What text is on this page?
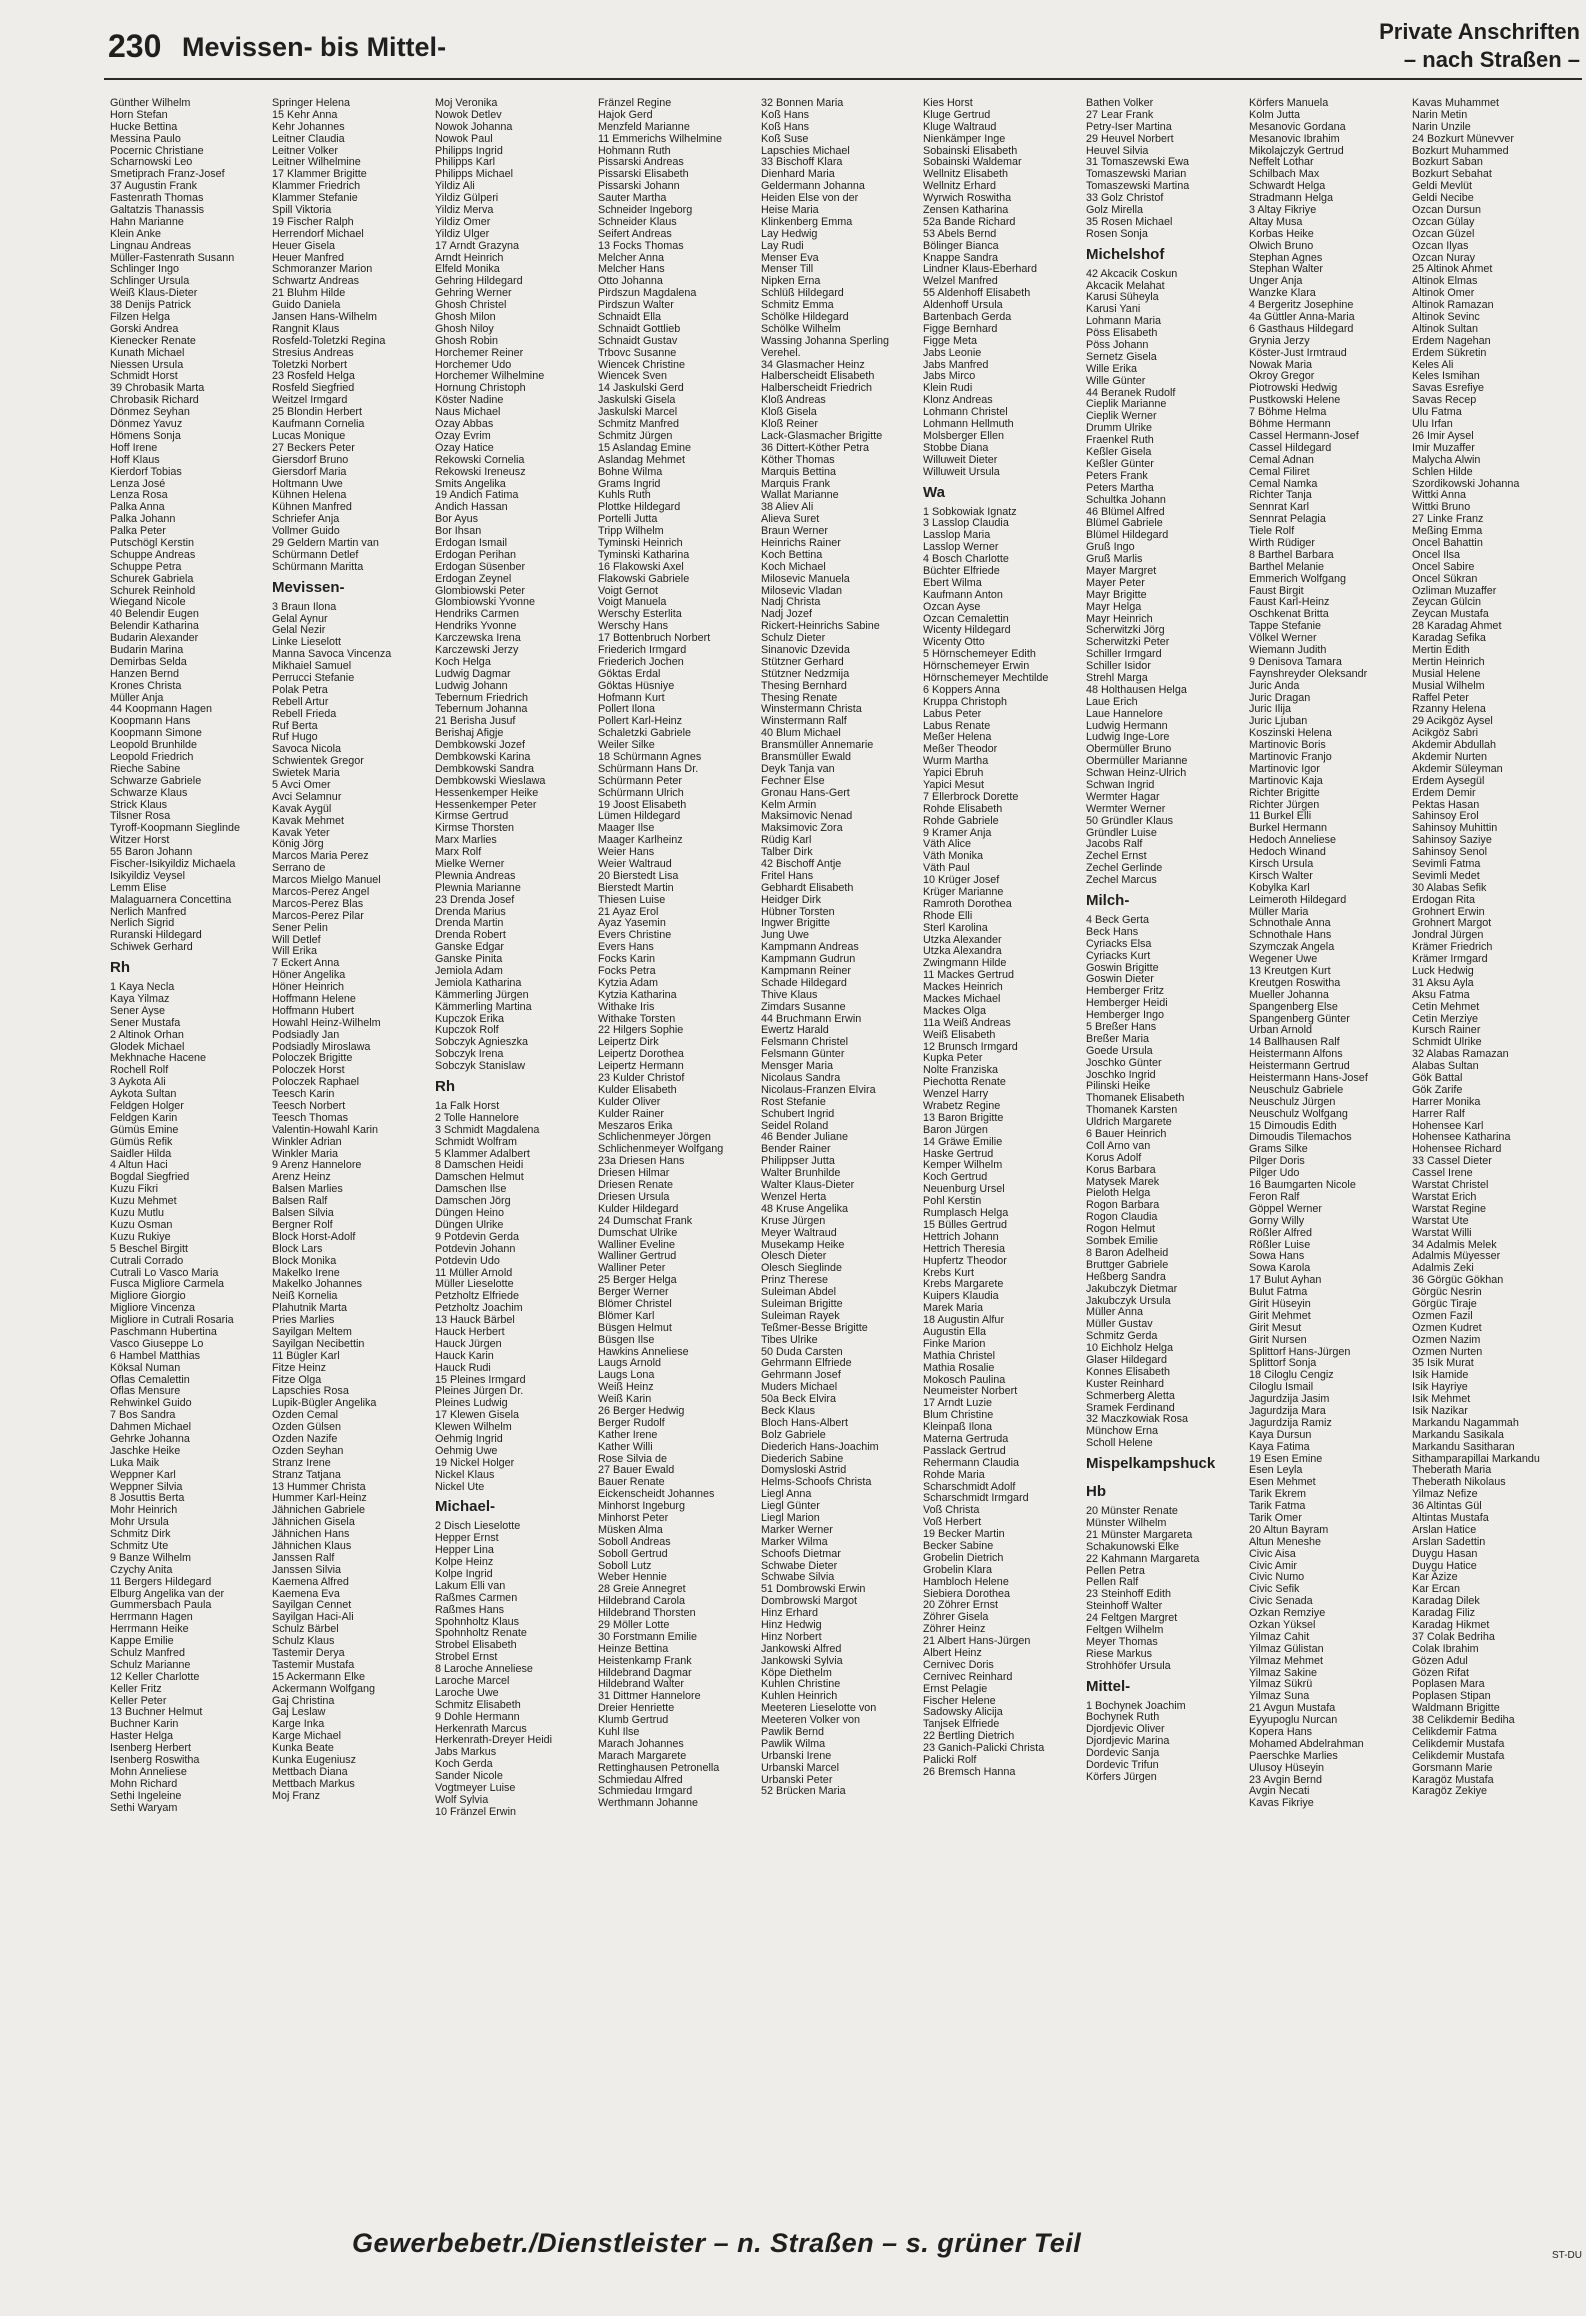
230 Mevissen- bis Mittel-
Private Anschriften
– nach Straßen –
Günther Wilhelm
Horn Stefan
Hucke Bettina
Messina Paulo
Pocernic Christiane
Scharnowski Leo
Smetiprach Franz-Josef
37 Augustin Frank
Fastenrath Thomas
Galtatzis Thanassis
Hahn Marianne
Klein Anke
Lingnau Andreas
Müller-Fastenrath Susann
Schlinger Ingo
Schlinger Ursula
Weiß Klaus-Dieter
38 Denijs Patrick
Filzen Helga
Gorski Andrea
Kienecker Renate
Kunath Michael
Niessen Ursula
Schmidt Horst
39 Chrobasik Marta
Chrobasik Richard
Dönmez Seyhan
Dönmez Yavuz
Hömens Sonja
Hoff Irene
Hoff Klaus
Kierdorf Tobias
Lenza José
Lenza Rosa
Palka Anna
Palka Johann
Palka Peter
Putschögl Kerstin
Schuppe Andreas
Schuppe Petra
Schurek Gabriela
Schurek Reinhold
Wiegand Nicole
40 Belendir Eugen
Belendir Katharina
Budarin Alexander
Budarin Marina
Demirbas Selda
Hanzen Bernd
Krones Christa
Müller Anja
44 Koopmann Hagen
Koopmann Hans
Koopmann Simone
Leopold Brunhilde
Leopold Friedrich
Rieche Sabine
Schwarze Gabriele
Schwarze Klaus
Strick Klaus
Tilsner Rosa
Tyroff-Koopmann Sieglinde
Witzer Horst
55 Baron Johann
Fischer-Isikyildiz Michaela
Isikyildiz Veysel
Lemm Elise
Malaguarnera Concettina
Nerlich Manfred
Nerlich Sigrid
Ruranski Hildegard
Schiwek Gerhard
Rh
1 Kaya Necla
Kaya Yilmaz
Sener Ayse
Sener Mustafa
2 Altinok Orhan
Glodek Michael
Mekhnache Hacene
Rochell Rolf
3 Aykota Ali
Aykota Sultan
Feldgen Holger
Feldgen Karin
Gümüs Emine
Gümüs Refik
Saidler Hilda
4 Altun Haci
Bogdal Siegfried
Kuzu Fikri
Kuzu Mehmet
Kuzu Mutlu
Kuzu Osman
Kuzu Rukiye
5 Beschel Birgitt
Cutrali Corrado
Cutrali Lo Vasco Maria
Fusca Migliore Carmela
Migliore Giorgio
Migliore Vincenza
Migliore in Cutrali Rosaria
Paschmann Hubertina
Vasco Giuseppe Lo
6 Hambel Matthias
Köksal Numan
Oflas Cemalettin
Oflas Mensure
Rehwinkel Guido
7 Bos Sandra
Dahmen Michael
Gehrke Johanna
Jaschke Heike
Luka Maik
Weppner Karl
Weppner Silvia
8 Josuttis Berta
Mohr Heinrich
Mohr Ursula
Schmitz Dirk
Schmitz Ute
9 Banze Wilhelm
Czychy Anita
11 Bergers Hildegard
Elburg Angelika van der
Gummersbach Paula
Herrmann Hagen
Herrmann Heike
Kappe Emilie
Schulz Manfred
Schulz Marianne
12 Keller Charlotte
Keller Fritz
Keller Peter
13 Buchner Helmut
Buchner Karin
Haster Helga
Isenberg Herbert
Isenberg Roswitha
Mohn Anneliese
Mohn Richard
Sethi Ingeleine
Sethi Waryam
Springer Helena
15 Kehr Anna
Kehr Johannes
Leitner Claudia
Leitner Volker
Leitner Wilhelmine
17 Klammer Brigitte
Klammer Friedrich
Klammer Stefanie
Spill Viktoria
19 Fischer Ralph
Herrendorf Michael
Heuer Gisela
Heuer Manfred
Schmoranzer Marion
Schwartz Andreas
21 Bluhm Hilde
Guido Daniela
Jansen Hans-Wilhelm
Rangnit Klaus
Rosfeld-Toletzki Regina
Stresius Andreas
Toletzki Norbert
23 Rosfeld Helga
Rosfeld Siegfried
Weitzel Irmgard
25 Blondin Herbert
Kaufmann Cornelia
Lucas Monique
27 Beckers Peter
Giersdorf Bruno
Giersdorf Maria
Holtmann Uwe
Kühnen Helena
Kühnen Manfred
Schriefer Anja
Vollmer Guido
29 Geldern Martin van
Schürmann Detlef
Schürmann Maritta
Mevissen-
3 Braun Ilona
Gelal Aynur
Gelal Nezir
Linke Lieselott
Manna Savoca Vincenza
Mikhaiel Samuel
Perrucci Stefanie
Polak Petra
Rebell Artur
Rebell Frieda
Ruf Berta
Ruf Hugo
Savoca Nicola
Schwientek Gregor
Swietek Maria
5 Avci Ömer
Avci Selamnur
Kavak Aygül
Kavak Mehmet
Kavak Yeter
König Jörg
Marcos Maria Perez
Serrano de
Marcos Mielgo Manuel
Marcos-Perez Angel
Marcos-Perez Blas
Marcos-Perez Pilar
Sener Pelin
Will Detlef
Will Erika
7 Eckert Anna
Höner Angelika
Höner Heinrich
Hoffmann Helene
Hoffmann Hubert
Howahl Heinz-Wilhelm
Podsiadly Jan
Podsiadly Miroslawa
Poloczek Brigitte
Poloczek Horst
Poloczek Raphael
Teesch Karin
Teesch Norbert
Teesch Thomas
Valentin-Howahl Karin
Winkler Adrian
Winkler Maria
9 Arenz Hannelore
Arenz Heinz
Balsen Marlies
Balsen Ralf
Balsen Silvia
Bergner Rolf
Block Horst-Adolf
Block Lars
Block Monika
Makelko Irene
Makelko Johannes
Neiß Kornelia
Plahutnik Marta
Pries Marlies
Sayilgan Meltem
Sayilgan Necibettin
11 Bügler Karl
Fitze Heinz
Fitze Olga
Lapschies Rosa
Lupik-Bügler Angelika
Özden Cemal
Özden Gülsen
Özden Nazife
Özden Seyhan
Stranz Irene
Stranz Tatjana
13 Hummer Christa
Hummer Karl-Heinz
Jähnichen Gabriele
Jähnichen Gisela
Jähnichen Hans
Jähnichen Klaus
Janssen Ralf
Janssen Silvia
Kaemena Alfred
Kaemena Eva
Sayilgan Cennet
Sayilgan Haci-Ali
Schulz Bärbel
Schulz Klaus
Tastemir Derya
Tastemir Mustafa
15 Ackermann Elke
Ackermann Wolfgang
Gaj Christina
Gaj Leslaw
Karge Inka
Karge Michael
Kunka Beate
Kunka Eugeniusz
Mettbach Diana
Mettbach Markus
Moj Franz
Moj Veronika
Nowok Detlev
Nowok Johanna
Nowok Paul
Philipps Ingrid
Philipps Karl
Philipps Michael
Yildiz Ali
Yildiz Gülperi
Yildiz Merva
Yildiz Ömer
Yildiz Ülger
17 Arndt Grazyna
Arndt Heinrich
Elfeld Monika
Gehring Hildegard
Gehring Werner
Ghosh Christel
Ghosh Milon
Ghosh Niloy
Ghosh Robin
Horchemer Reiner
Horchemer Udo
Horchemer Wilhelmine
Hornung Christoph
Köster Nadine
Naus Michael
Özay Abbas
Özay Evrim
Özay Hatice
Rekowski Cornelia
Rekowski Ireneusz
Smits Angelika
19 Andich Fatima
Andich Hassan
Bor Ayus
Bor Ihsan
Erdogan Ismail
Erdogan Perihan
Erdogan Süsenber
Erdogan Zeynel
Glombiowski Peter
Glombiowski Yvonne
Hendriks Carmen
Hendriks Yvonne
Karczewska Irena
Karczewski Jerzy
Koch Helga
Ludwig Dagmar
Ludwig Johann
Tebernum Friedrich
Tebernum Johanna
21 Berisha Jusuf
Berishaj Afigje
Dembkowski Jozef
Dembkowski Karina
Dembkowski Sandra
Dembkowski Wieslawa
Hessenkemper Heike
Hessenkemper Peter
Kirmse Gertrud
Kirmse Thorsten
Marx Marlies
Marx Rolf
Mielke Werner
Plewnia Andreas
Plewnia Marianne
23 Drenda Josef
Drenda Marius
Drenda Martin
Drenda Robert
Ganske Edgar
Ganske Pinita
Jemiola Adam
Jemiola Katharina
Kämmerling Jürgen
Kämmerling Martina
Kupczok Erika
Kupczok Rolf
Sobczyk Agnieszka
Sobczyk Irena
Sobczyk Stanislaw
Rh
1a Falk Horst
2 Tolle Hannelore
3 Schmidt Magdalena
Schmidt Wolfram
5 Klammer Adalbert
8 Damschen Heidi
Damschen Helmut
Damschen Ilse
Damschen Jörg
Düngen Heino
Düngen Ulrike
9 Potdevin Gerda
Potdevin Johann
Potdevin Udo
11 Müller Arnold
Müller Lieselotte
Petzholtz Elfriede
Petzholtz Joachim
13 Hauck Bärbel
Hauck Herbert
Hauck Jürgen
Hauck Karin
Hauck Rudi
15 Pleines Irmgard
Pleines Jürgen Dr.
Pleines Ludwig
17 Klewen Gisela
Klewen Wilhelm
Oehmig Ingrid
Oehmig Uwe
19 Nickel Holger
Nickel Klaus
Nickel Ute
Michael-
2 Disch Lieselotte
Hepper Ernst
Hepper Lina
Kolpe Heinz
Kolpe Ingrid
Lakum Elli van
Raßmes Carmen
Raßmes Hans
Spohnholtz Klaus
Spohnholtz Renate
Strobel Elisabeth
Strobel Ernst
8 Laroche Anneliese
Laroche Marcel
Laroche Uwe
Schmitz Elisabeth
9 Dohle Hermann
Herkenrath Marcus
Herkenrath-Dreyer Heidi
Jabs Markus
Koch Gerda
Sander Nicole
Vogtmeyer Luise
Wolf Sylvia
10 Fränzel Erwin
Fränzel Regine
Hajok Gerd
Menzfeld Marianne
11 Emmerichs Wilhelmine
Hohmann Ruth
Pissarski Andreas
Pissarski Elisabeth
Pissarski Johann
Sauter Martha
Schneider Ingeborg
Schneider Klaus
Seifert Andreas
13 Focks Thomas
Melcher Anna
Melcher Hans
Otto Johanna
Pirdszun Magdalena
Pirdszun Walter
Schnaidt Ella
Schnaidt Gottlieb
Schnaidt Gustav
Trbovc Susanne
Wiencek Christine
Wiencek Sven
14 Jaskulski Gerd
Jaskulski Gisela
Jaskulski Marcel
Schmitz Manfred
Schmitz Jürgen
15 Aslandag Emine
Aslandag Mehmet
Bohne Wilma
Grams Ingrid
Kuhls Ruth
Plottke Hildegard
Portelli Jutta
Tripp Wilhelm
Tyminski Heinrich
Tyminski Katharina
16 Flakowski Axel
Flakowski Gabriele
Voigt Gernot
Voigt Manuela
Werschy Esterlita
Werschy Hans
17 Bottenbruch Norbert
Friederich Irmgard
Friederich Jochen
Göktas Erdal
Göktas Hüsniye
Hofmann Kurt
Pollert Ilona
Pollert Karl-Heinz
Schaletzki Gabriele
Weiler Silke
18 Schürmann Agnes
Schürmann Hans Dr.
Schürmann Peter
Schürmann Ulrich
19 Joost Elisabeth
Lümen Hildegard
Maager Ilse
Maager Karlheinz
Weier Hans
Weier Waltraud
20 Bierstedt Lisa
Bierstedt Martin
Thiesen Luise
21 Ayaz Erol
Ayaz Yasemin
Evers Christine
Evers Hans
Focks Karin
Focks Petra
Kytzia Adam
Kytzia Katharina
Withake Iris
Withake Torsten
22 Hilgers Sophie
Leipertz Dirk
Leipertz Dorothea
Leipertz Hermann
23 Kulder Christof
Kulder Elisabeth
Kulder Oliver
Kulder Rainer
Meszaros Erika
Schlichenmeyer Jörgen
Schlichenmeyer Wolfgang
23a Driesen Hans
Driesen Hilmar
Driesen Renate
Driesen Ursula
Kulder Hildegard
24 Dumschat Frank
Dumschat Ulrike
Walliner Eveline
Walliner Gertrud
Walliner Peter
25 Berger Helga
Berger Werner
Blömer Christel
Blömer Karl
Büsgen Helmut
Büsgen Ilse
Hawkins Anneliese
Laugs Arnold
Laugs Lona
Weiß Heinz
Weiß Karin
26 Berger Hedwig
Berger Rudolf
Kather Irene
Kather Willi
Rose Silvia de
27 Bauer Ewald
Bauer Renate
Eickenscheidt Johannes
Minhorst Ingeburg
Minhorst Peter
Müsken Alma
Soboll Andreas
Soboll Gertrud
Soboll Lutz
Weber Hennie
28 Greie Annegret
Hildebrand Carola
Hildebrand Thorsten
29 Möller Lotte
30 Forstmann Emilie
Heinze Bettina
Heistenkamp Frank
Hildebrand Dagmar
Hildebrand Walter
31 Dittmer Hannelore
Dreier Henriette
Klumb Gertrud
Kuhl Ilse
Marach Johannes
Marach Margarete
Rettinghausen Petronella
Schmiedau Alfred
Schmiedau Irmgard
Werthmann Johanne
32 Bonnen Maria
Koß Hans
Koß Hans
Koß Suse
Lapschies Michael
33 Bischoff Klara
Dienhard Maria
Geldermann Johanna
Heiden Else von der
Heise Maria
Klinkenberg Emma
Lay Hedwig
Lay Rudi
Menser Eva
Menser Till
Nipken Erna
Schlüß Hildegard
Schmitz Emma
Schölke Hildegard
Schölke Wilhelm
Wassing Johanna Sperling
Verehel.
34 Glasmacher Heinz
Halberscheidt Elisabeth
Halberscheidt Friedrich
Kloß Andreas
Kloß Gisela
Kloß Reiner
Lack-Glasmacher Brigitte
36 Dittert-Köther Petra
Köther Thomas
Marquis Bettina
Marquis Frank
Wallat Marianne
38 Aliev Ali
Alieva Suret
Braun Werner
Heinrichs Rainer
Koch Bettina
Koch Michael
Milosevic Manuela
Milosevic Vladan
Nadj Christa
Nadj Jozef
Rickert-Heinrichs Sabine
Schulz Dieter
Sinanovic Dzevida
Stützner Gerhard
Stützner Nedzmija
Thesing Bernhard
Thesing Renate
Winstermann Christa
Winstermann Ralf
40 Blum Michael
Bransmüller Annemarie
Bransmüller Ewald
Deyk Tanja van
Fechner Else
Gronau Hans-Gert
Kelm Armin
Maksimovic Nenad
Maksimovic Zora
Rüdig Karl
Talber Dirk
42 Bischoff Antje
Fritel Hans
Gebhardt Elisabeth
Heidger Dirk
Hübner Torsten
Ingwer Brigitte
Jung Uwe
Kampmann Andreas
Kampmann Gudrun
Kampmann Reiner
Schade Hildegard
Thive Klaus
Zimdars Susanne
44 Bruchmann Erwin
Ewertz Harald
Felsmann Christel
Felsmann Günter
Mensger Maria
Nicolaus Sandra
Nicolaus-Franzen Elvira
Rost Stefanie
Schubert Ingrid
Seidel Roland
46 Bender Juliane
Bender Rainer
Philippser Jutta
Walter Brunhilde
Walter Klaus-Dieter
Wenzel Herta
48 Kruse Angelika
Kruse Jürgen
Meyer Waltraud
Musekamp Heike
Olesch Dieter
Olesch Sieglinde
Prinz Therese
Suleiman Abdel
Suleiman Brigitte
Suleiman Rayek
Teßmer-Besse Brigitte
Tibes Ulrike
50 Duda Carsten
Gehrmann Elfriede
Gehrmann Josef
Muders Michael
50a Beck Elvira
Beck Klaus
Bloch Hans-Albert
Bolz Gabriele
Diederich Hans-Joachim
Diederich Sabine
Domysloski Astrid
Helms-Schoofs Christa
Liegl Anna
Liegl Günter
Liegl Marion
Marker Werner
Marker Wilma
Schoofs Dietmar
Schwabe Dieter
Schwabe Silvia
51 Dombrowski Erwin
Dombrowski Margot
Hinz Erhard
Hinz Hedwig
Hinz Norbert
Jankowski Alfred
Jankowski Sylvia
Köpe Diethelm
Kuhlen Christine
Kuhlen Heinrich
Meeteren Lieselotte von
Meeteren Volker von
Pawlik Bernd
Pawlik Wilma
Urbanski Irene
Urbanski Marcel
Urbanski Peter
52 Brücken Maria
Kies Horst
Kluge Gertrud
Kluge Waltraud
Nienkämper Inge
Sobainski Elisabeth
Sobainski Waldemar
Wellnitz Elisabeth
Wellnitz Erhard
Wyrwich Roswitha
Zensen Katharina
52a Bande Richard
53 Abels Bernd
Bölinger Bianca
Knappe Sandra
Lindner Klaus-Eberhard
Welzel Manfred
55 Aldenhoff Elisabeth
Aldenhoff Ursula
Bartenbach Gerda
Figge Bernhard
Figge Meta
Jabs Leonie
Jabs Manfred
Jabs Mirco
Klein Rudi
Klonz Andreas
Lohmann Christel
Lohmann Hellmuth
Molsberger Ellen
Stobbe Diana
Willuweit Dieter
Willuweit Ursula
Wa
1 Sobkowiak Ignatz
3 Lasslop Claudia
Lasslop Maria
Lasslop Werner
4 Bosch Charlotte
Büchter Elfriede
Ebert Wilma
Kaufmann Anton
Özcan Ayse
Özcan Cemalettin
Wicenty Hildegard
Wicenty Otto
5 Hörnschemeyer Edith
Hörnschemeyer Erwin
Hörnschemeyer Mechtilde
6 Koppers Anna
Kruppa Christoph
Labus Peter
Labus Renate
Meßer Helena
Meßer Theodor
Wurm Martha
Yapici Ebruh
Yapici Mesut
7 Ellerbrock Dorette
Rohde Elisabeth
Rohde Gabriele
9 Kramer Anja
Väth Alice
Väth Monika
Väth Paul
10 Krüger Josef
Krüger Marianne
Ramroth Dorothea
Rhode Elli
Sterl Karolina
Utzka Alexander
Utzka Alexandra
Zwingmann Hilde
11 Mackes Gertrud
Mackes Heinrich
Mackes Michael
Mackes Olga
11a Weiß Andreas
Weiß Elisabeth
12 Brunsch Irmgard
Kupka Peter
Nolte Franziska
Piechotta Renate
Wenzel Harry
Wrabetz Regine
13 Baron Brigitte
Baron Jürgen
14 Gräwe Emilie
Haske Gertrud
Kemper Wilhelm
Koch Gertrud
Neuenburg Ursel
Pohl Kerstin
Rumplasch Helga
15 Bülles Gertrud
Hettrich Johann
Hettrich Theresia
Hupfertz Theodor
Krebs Kurt
Krebs Margarete
Kuipers Klaudia
Marek Maria
18 Augustin Alfur
Augustin Ella
Finke Marion
Mathia Christel
Mathia Rosalie
Mokosch Paulina
Neumeister Norbert
17 Arndt Luzie
Blum Christine
Kleinpaß Ilona
Materna Gertruda
Passlack Gertrud
Rehermann Claudia
Rohde Maria
Scharschmidt Adolf
Scharschmidt Irmgard
Voß Christa
Voß Herbert
19 Becker Martin
Becker Sabine
Grobelin Dietrich
Grobelin Klara
Hambloch Helene
Siebiera Dorothea
20 Zöhrer Ernst
Zöhrer Gisela
Zöhrer Heinz
21 Albert Hans-Jürgen
Albert Heinz
Cernivec Doris
Cernivec Reinhard
Ernst Pelagie
Fischer Helene
Sadowsky Alicija
Tanjsek Elfriede
22 Bertling Dietrich
23 Ganich-Palicki Christa
Palicki Rolf
26 Bremsch Hanna
Bathen Volker
27 Lear Frank
Petry-Iser Martina
29 Heuvel Norbert
Heuvel Silvia
31 Tomaszewski Ewa
Tomaszewski Marian
Tomaszewski Martina
33 Golz Christof
Golz Mirella
35 Rosen Michael
Rosen Sonja
Michelshof
42 Akcacik Coskun
Akcacik Melahat
Karusi Süheyla
Karusi Yani
Lohmann Maria
Pöss Elisabeth
Pöss Johann
Sernetz Gisela
Wille Erika
Wille Günter
44 Beranek Rudolf
Cieplik Marianne
Cieplik Werner
Drumm Ulrike
Fraenkel Ruth
Keßler Gisela
Keßler Günter
Peters Frank
Peters Martha
Schultka Johann
46 Blümel Alfred
Blümel Gabriele
Blümel Hildegard
Gruß Ingo
Gruß Marlis
Mayer Margret
Mayer Peter
Mayr Brigitte
Mayr Helga
Mayr Heinrich
Scherwitzki Jörg
Scherwitzki Peter
Schiller Irmgard
Schiller Isidor
Strehl Marga
48 Holthausen Helga
Laue Erich
Laue Hannelore
Ludwig Hermann
Ludwig Inge-Lore
Obermüller Bruno
Obermüller Marianne
Schwan Heinz-Ulrich
Schwan Ingrid
Wermter Hagar
Wermter Werner
50 Gründler Klaus
Gründler Luise
Jacobs Ralf
Zechel Ernst
Zechel Gerlinde
Zechel Marcus
Milch-
4 Beck Gerta
Beck Hans
Cyriacks Elsa
Cyriacks Kurt
Goswin Brigitte
Goswin Dieter
Hemberger Fritz
Hemberger Heidi
Hemberger Ingo
5 Breßer Hans
Breßer Maria
Goede Ursula
Joschko Günter
Joschko Ingrid
Pilinski Heike
Thomanek Elisabeth
Thomanek Karsten
Uldrich Margarete
6 Bauer Heinrich
Coll Arno van
Korus Adolf
Korus Barbara
Matysek Marek
Pieloth Helga
Rogon Barbara
Rogon Claudia
Rogon Helmut
Sombek Emilie
8 Baron Adelheid
Bruttger Gabriele
Heßberg Sandra
Jakubczyk Dietmar
Jakubczyk Ursula
Müller Anna
Müller Gustav
Schmitz Gerda
10 Eichholz Helga
Glaser Hildegard
Konnes Elisabeth
Kuster Reinhard
Schmerberg Aletta
Sramek Ferdinand
32 Maczkowiak Rosa
Münchow Erna
Scholl Helene
Mispelkampshuck
Hb
20 Münster Renate
Münster Wilhelm
21 Münster Margareta
Schakunowski Elke
22 Kahmann Margareta
Pellen Petra
Pellen Ralf
23 Steinhoff Edith
Steinhoff Walter
24 Feltgen Margret
Feltgen Wilhelm
Meyer Thomas
Riese Markus
Strohhöfer Ursula
Mittel-
1 Bochynek Joachim
Bochynek Ruth
Djordjevic Oliver
Djordjevic Marina
Dordevic Sanja
Dordevic Trifun
Körfers Jürgen
Körfers Manuela
Kolm Jutta
Mesanovic Gordana
Mesanovic Ibrahim
Mikolajczyk Gertrud
Neffelt Lothar
Schilbach Max
Schwardt Helga
Stradmann Helga
3 Altay Fikriye
Altay Musa
Korbas Heike
Ölwich Bruno
Stephan Agnes
Stephan Walter
Unger Anja
Wanzke Klara
4 Bergeritz Josephine
4a Güttler Anna-Maria
6 Gasthaus Hildegard
Grynia Jerzy
Köster-Just Irmtraud
Nowak Maria
Okroy Gregor
Piotrowski Hedwig
Pustkowski Helene
7 Böhme Helma
Böhme Hermann
Cassel Hermann-Josef
Cassel Hildegard
Cemal Adnan
Cemal Filiret
Cemal Namka
Richter Tanja
Sennrat Karl
Sennrat Pelagia
Tiele Rolf
Wirth Rüdiger
8 Barthel Barbara
Barthel Melanie
Emmerich Wolfgang
Faust Birgit
Faust Karl-Heinz
Oschkenat Britta
Tappe Stefanie
Völkel Werner
Wiemann Judith
9 Denisova Tamara
Faynshreyder Oleksandr
Juric Anda
Juric Dragan
Juric Ilija
Juric Ljuban
Koszinski Helena
Martinovic Boris
Martinovic Franjo
Martinovic Igor
Martinovic Kaja
Richter Brigitte
Richter Jürgen
11 Burkel Elli
Burkel Hermann
Hedoch Anneliese
Hedoch Winand
Kirsch Ursula
Kirsch Walter
Kobylka Karl
Leimeroth Hildegard
Müller Maria
Schnothale Anna
Schnothale Hans
Szymczak Angela
Wegener Uwe
13 Kreutgen Kurt
Kreutgen Roswitha
Mueller Johanna
Spangenberg Else
Spangenberg Günter
Urban Arnold
14 Ballhausen Ralf
Heistermann Alfons
Heistermann Gertrud
Heistermann Hans-Josef
Neuschulz Gabriele
Neuschulz Jürgen
Neuschulz Wolfgang
15 Dimoudis Edith
Dimoudis Tilemachos
Grams Silke
Pilger Doris
Pilger Udo
16 Baumgarten Nicole
Feron Ralf
Göppel Werner
Gorny Willy
Rößler Alfred
Rößler Luise
Sowa Hans
Sowa Karola
17 Bulut Ayhan
Bulut Fatma
Girit Hüseyin
Girit Mehmet
Girit Mesut
Girit Nursen
Splittorf Hans-Jürgen
Splittorf Sonja
18 Ciloglu Cengiz
Ciloglu Ismail
Jagurdzija Jasim
Jagurdzija Mara
Jagurdzija Ramiz
Kaya Dursun
Kaya Fatima
19 Esen Emine
Esen Leyla
Esen Mehmet
Tarik Ekrem
Tarik Fatma
Tarik Ömer
20 Altun Bayram
Altun Meneshe
Civic Aisa
Civic Amir
Civic Numo
Civic Sefik
Civic Senada
Özkan Remziye
Özkan Yüksel
Yilmaz Cahit
Yilmaz Gülistan
Yilmaz Mehmet
Yilmaz Sakine
Yilmaz Sükrü
Yilmaz Suna
21 Avgun Mustafa
Eyyupoglu Nurcan
Kopera Hans
Mohamed Abdelrahman
Paerschke Marlies
Ulusoy Hüseyin
23 Avgin Bernd
Avgin Necati
Kavas Fikriye
Kavas Muhammet
Narin Metin
Narin Unzile
24 Bozkurt Münevver
Bozkurt Muhammed
Bozkurt Saban
Bozkurt Sebahat
Geldi Mevlüt
Geldi Necibe
Özcan Dursun
Özcan Gülay
Özcan Güzel
Özcan Ilyas
Özcan Nuray
25 Altinok Ahmet
Altinok Elmas
Altinok Ömer
Altinok Ramazan
Altinok Sevinc
Altinok Sultan
Erdem Nagehan
Erdem Sükretin
Keles Ali
Keles Ismihan
Savas Esrefiye
Savas Recep
Ulu Fatma
Ulu Irfan
26 Imir Aysel
Imir Muzaffer
Malycha Alwin
Schlen Hilde
Szordikowski Johanna
Wittki Anna
Wittki Bruno
27 Linke Franz
Meßing Emma
Öncel Bahattin
Öncel Ilsa
Öncel Sabire
Öncel Sükran
Özliman Muzaffer
Zeycan Gülcin
Zeycan Mustafa
28 Karadag Ahmet
Karadag Sefika
Mertin Edith
Mertin Heinrich
Musial Helene
Musial Wilhelm
Raffel Peter
Rzanny Helena
29 Acikgöz Aysel
Acikgöz Sabri
Akdemir Abdullah
Akdemir Nurten
Akdemir Süleyman
Erdem Aysegül
Erdem Demir
Pektas Hasan
Sahinsoy Erol
Sahinsoy Muhittin
Sahinsoy Saziye
Sahinsoy Senol
Sevimli Fatma
Sevimli Medet
30 Alabas Sefik
Erdogan Rita
Grohnert Erwin
Grohnert Margot
Jondral Jürgen
Krämer Friedrich
Krämer Irmgard
Luck Hedwig
31 Aksu Ayla
Aksu Fatma
Cetin Mehmet
Cetin Merziye
Kursch Rainer
Schmidt Ulrike
32 Alabas Ramazan
Alabas Sultan
Gök Battal
Gök Zarife
Harrer Monika
Harrer Ralf
Hohensee Karl
Hohensee Katharina
Hohensee Richard
33 Cassel Dieter
Cassel Irene
Warstat Christel
Warstat Erich
Warstat Regine
Warstat Ute
Warstat Willi
34 Adalmis Melek
Adalmis Müyesser
Adalmis Zeki
36 Görgüc Gökhan
Görgüc Nesrin
Görgüc Tiraje
Özmen Fazil
Özmen Kudret
Özmen Nazim
Özmen Nurten
35 Isik Murat
Isik Hamide
Isik Hayriye
Isik Mehmet
Isik Nazikar
Markandu Nagammah
Markandu Sasikala
Markandu Sasitharan
Sithamparapillai Markandu
Theberath Maria
Theberath Nikolaus
Yilmaz Nefize
36 Altintas Gül
Altintas Mustafa
Arslan Hatice
Arslan Sadettin
Duygu Hasan
Duygu Hatice
Kar Azize
Kar Ercan
Karadag Dilek
Karadag Filiz
Karadag Hikmet
37 Colak Bedriha
Colak Ibrahim
Gözen Adul
Gözen Rifat
Poplasen Mara
Poplasen Stipan
Waldmann Brigitte
38 Celikdemir Bediha
Celikdemir Fatma
Celikdemir Mustafa
Celikdemir Mustafa
Gorsmann Marie
Karagöz Mustafa
Karagöz Zekiye
Gewerbebetr./Dienstleister – n. Straßen – s. grüner Teil	ST-DU
